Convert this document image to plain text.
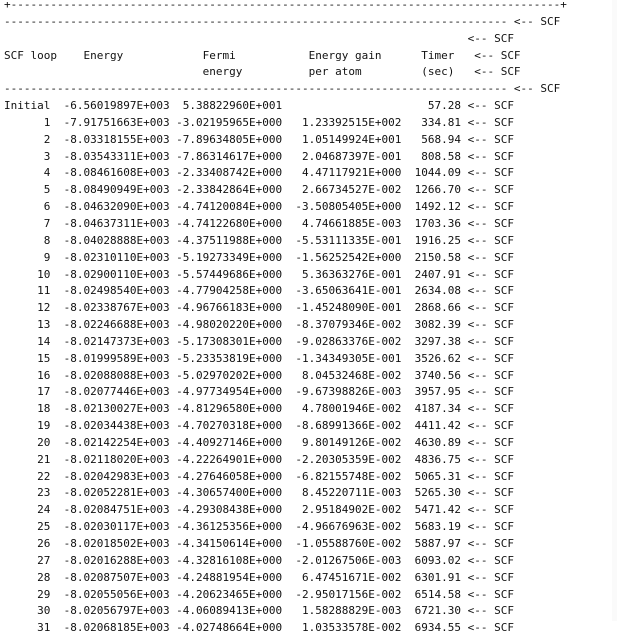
+-----------------------------------------------------------------------------------+
---------------------------------------------------------------------------- <-- SCF
<-- SCF
SCF loop    Energy            Fermi           Energy gain      Timer   <-- SCF
energy          per atom         (sec)   <-- SCF
---------------------------------------------------------------------------- <-- SCF
Initial  -6.56019897E+003  5.38822960E+001                      57.28 <-- SCF
1  -7.91751663E+003 -3.02195965E+000   1.23392515E+002   334.81 <-- SCF
2  -8.03318155E+003 -7.89634805E+000   1.05149924E+001   568.94 <-- SCF
3  -8.03543311E+003 -7.86314617E+000   2.04687397E-001   808.58 <-- SCF
4  -8.08461608E+003 -2.33408742E+000   4.47117921E+000  1044.09 <-- SCF
5  -8.08490949E+003 -2.33842864E+000   2.66734527E-002  1266.70 <-- SCF
6  -8.04632090E+003 -4.74120084E+000  -3.50805405E+000  1492.12 <-- SCF
7  -8.04637311E+003 -4.74122680E+000   4.74661885E-003  1703.36 <-- SCF
8  -8.04028888E+003 -4.37511988E+000  -5.53111335E-001  1916.25 <-- SCF
9  -8.02310110E+003 -5.19273349E+000  -1.56252542E+000  2150.58 <-- SCF
10  -8.02900110E+003 -5.57449686E+000   5.36363276E-001  2407.91 <-- SCF
11  -8.02498540E+003 -4.77904258E+000  -3.65063641E-001  2634.08 <-- SCF
12  -8.02338767E+003 -4.96766183E+000  -1.45248090E-001  2868.66 <-- SCF
13  -8.02246688E+003 -4.98020220E+000  -8.37079346E-002  3082.39 <-- SCF
14  -8.02147373E+003 -5.17308301E+000  -9.02863376E-002  3297.38 <-- SCF
15  -8.01999589E+003 -5.23353819E+000  -1.34349305E-001  3526.62 <-- SCF
16  -8.02088088E+003 -5.02970202E+000   8.04532468E-002  3740.56 <-- SCF
17  -8.02077446E+003 -4.97734954E+000  -9.67398826E-003  3957.95 <-- SCF
18  -8.02130027E+003 -4.81296580E+000   4.78001946E-002  4187.34 <-- SCF
19  -8.02034438E+003 -4.70270318E+000  -8.68991366E-002  4411.42 <-- SCF
20  -8.02142254E+003 -4.40927146E+000   9.80149126E-002  4630.89 <-- SCF
21  -8.02118020E+003 -4.22264901E+000  -2.20305359E-002  4836.75 <-- SCF
22  -8.02042983E+003 -4.27646058E+000  -6.82155748E-002  5065.31 <-- SCF
23  -8.02052281E+003 -4.30657400E+000   8.45220711E-003  5265.30 <-- SCF
24  -8.02084751E+003 -4.29308438E+000   2.95184902E-002  5471.42 <-- SCF
25  -8.02030117E+003 -4.36125356E+000  -4.96676963E-002  5683.19 <-- SCF
26  -8.02018502E+003 -4.34150614E+000  -1.05588760E-002  5887.97 <-- SCF
27  -8.02016288E+003 -4.32816108E+000  -2.01267506E-003  6093.02 <-- SCF
28  -8.02087507E+003 -4.24881954E+000   6.47451671E-002  6301.91 <-- SCF
29  -8.02055056E+003 -4.20623465E+000  -2.95017156E-002  6514.58 <-- SCF
30  -8.02056797E+003 -4.06089413E+000   1.58288829E-003  6721.30 <-- SCF
31  -8.02068185E+003 -4.02748664E+000   1.03533578E-002  6934.55 <-- SCF
